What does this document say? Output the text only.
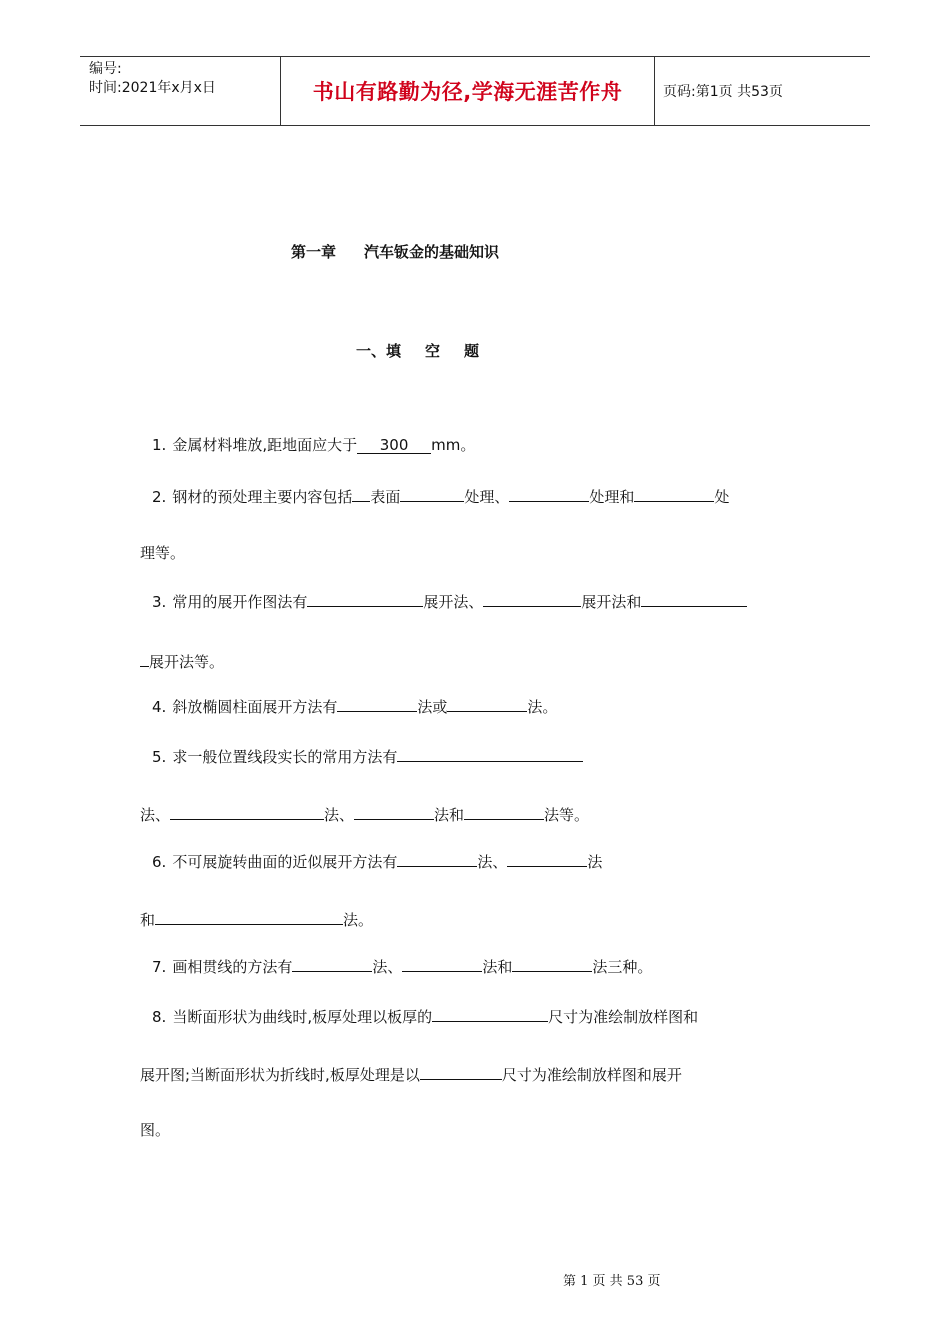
编号:
时间:2021年x月x日	书山有路勤为径,学海无涯苦作舟	页码:第1页 共53页
第一章 汽车钣金的基础知识
一、填 空 题
1. 金属材料堆放,距地面应大于 300 mm。
2. 钢材的预处理主要内容包括 表面	处理、	处理和	处
理等。
3. 常用的展开作图法有	展开法、	展开法和
展开法等。
4. 斜放椭圆柱面展开方法有	法或	法。
5. 求一般位置线段实长的常用方法有
法、	法、	法和	法等。
6. 不可展旋转曲面的近似展开方法有	法、	法
和	法。
7. 画相贯线的方法有	法、	法和	法三种。
8. 当断面形状为曲线时,板厚处理以板厚的	尺寸为准绘制放样图和
展开图;当断面形状为折线时,板厚处理是以	尺寸为准绘制放样图和展开
图。
第 1 页 共 53 页
